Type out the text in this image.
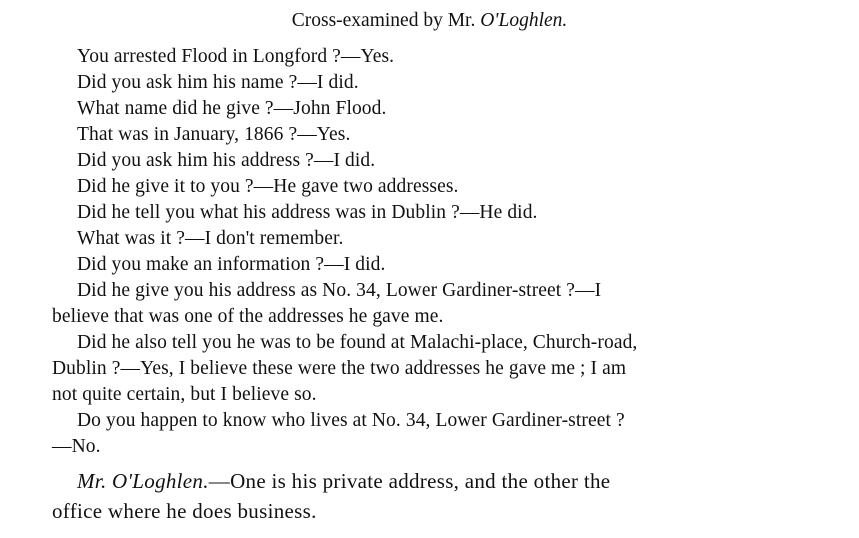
Cross-examined by Mr. O'Loghlen.
You arrested Flood in Longford ?—Yes.
Did you ask him his name ?—I did.
What name did he give ?—John Flood.
That was in January, 1866 ?—Yes.
Did you ask him his address ?—I did.
Did he give it to you ?—He gave two addresses.
Did he tell you what his address was in Dublin ?—He did.
What was it ?—I don't remember.
Did you make an information ?—I did.
Did he give you his address as No. 34, Lower Gardiner-street ?—I
believe that was one of the addresses he gave me.
Did he also tell you he was to be found at Malachi-place, Church-road,
Dublin ?—Yes, I believe these were the two addresses he gave me ; I am
not quite certain, but I believe so.
Do you happen to know who lives at No. 34, Lower Gardiner-street ?
—No.
Mr. O'Loghlen.—One is his private address, and the other the
office where he does business.
